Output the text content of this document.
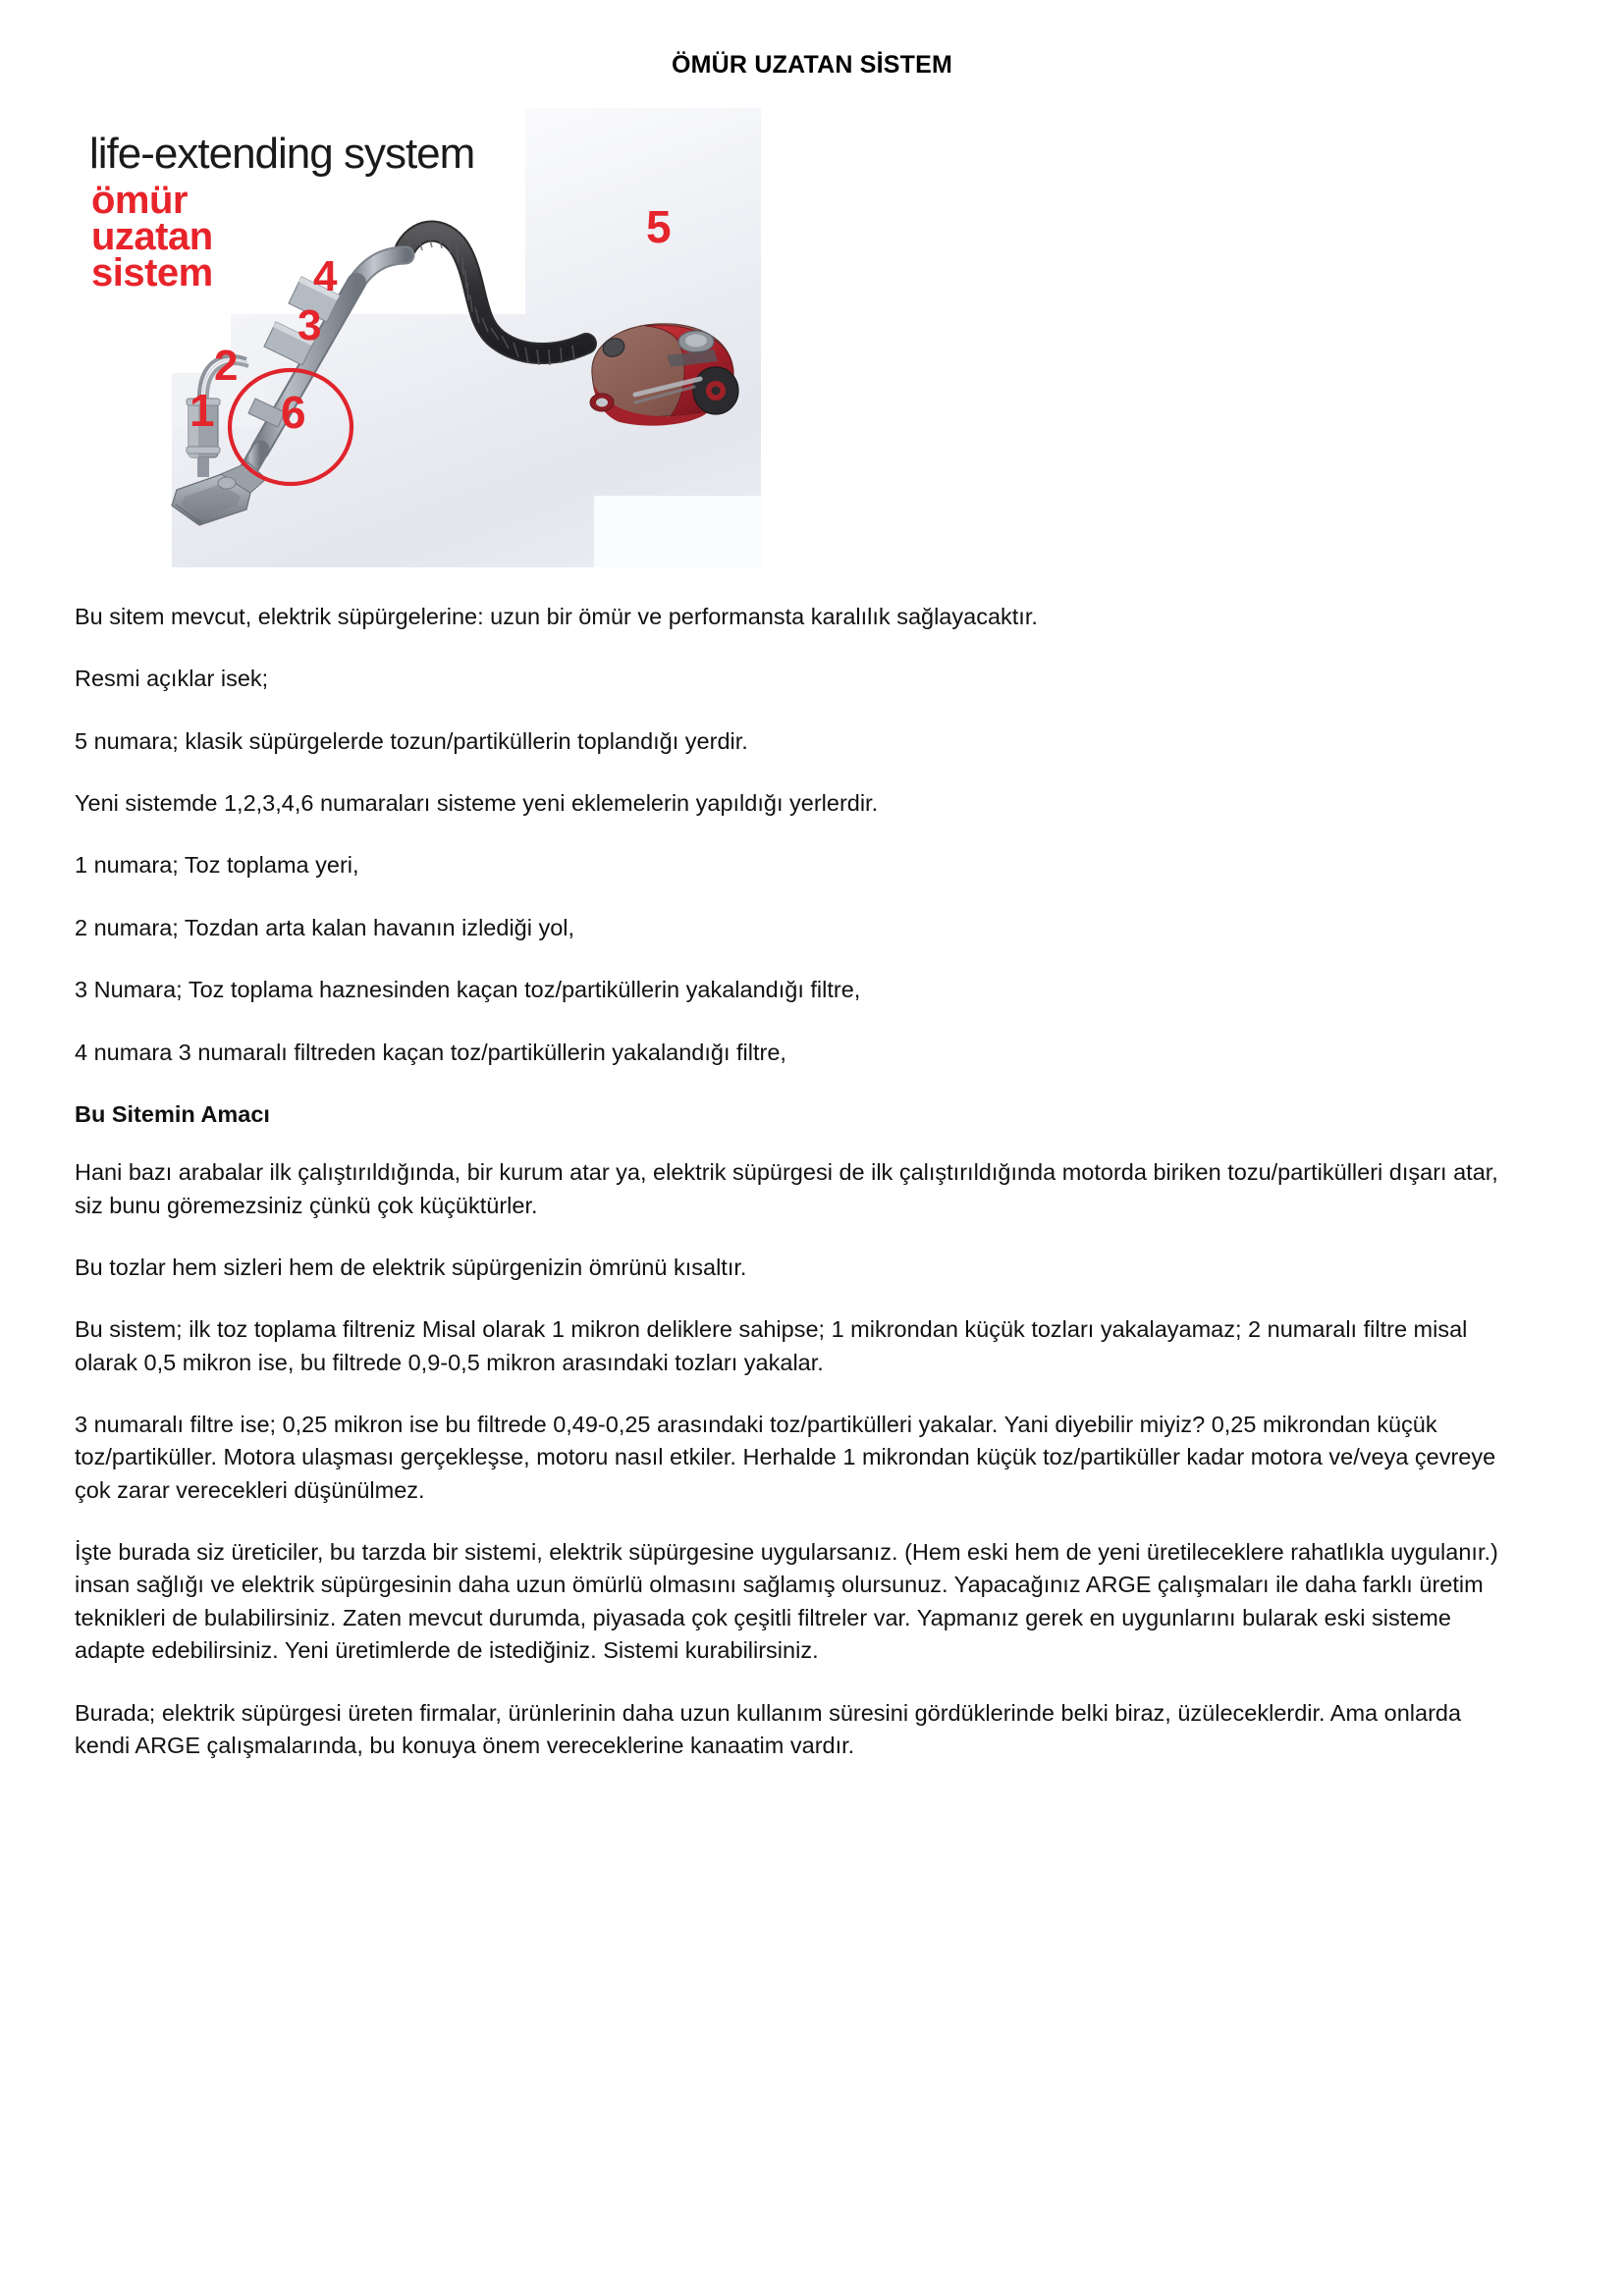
ÖMÜR UZATAN SİSTEM
life-extending system
ömür
uzatan
sistem
1
2
3
4
5
6

Bu sitem mevcut, elektrik süpürgelerine: uzun bir ömür ve performansta karalılık sağlayacaktır.

Resmi açıklar isek;

5 numara; klasik süpürgelerde tozun/partiküllerin toplandığı yerdir.

Yeni sistemde 1,2,3,4,6 numaraları sisteme yeni eklemelerin yapıldığı yerlerdir.

1 numara; Toz toplama yeri,

2 numara; Tozdan arta kalan havanın izlediği yol,

3 Numara; Toz toplama haznesinden kaçan toz/partiküllerin yakalandığı filtre,

4 numara 3 numaralı filtreden kaçan toz/partiküllerin yakalandığı filtre,

Bu Sitemin Amacı

Hani bazı arabalar ilk çalıştırıldığında, bir kurum atar ya, elektrik süpürgesi de ilk çalıştırıldığında motorda biriken tozu/partikülleri dışarı atar, siz bunu göremezsiniz çünkü çok küçüktürler.

Bu tozlar hem sizleri hem de elektrik süpürgenizin ömrünü kısaltır.

Bu sistem; ilk toz toplama filtreniz Misal olarak 1 mikron deliklere sahipse; 1 mikrondan küçük tozları yakalayamaz; 2 numaralı filtre misal olarak 0,5 mikron ise, bu filtrede 0,9-0,5 mikron arasındaki tozları yakalar.

3 numaralı filtre ise; 0,25 mikron ise bu filtrede 0,49-0,25 arasındaki toz/partikülleri yakalar. Yani diyebilir miyiz? 0,25 mikrondan küçük toz/partiküller. Motora ulaşması gerçekleşse, motoru nasıl etkiler. Herhalde 1 mikrondan küçük toz/partiküller kadar motora ve/veya çevreye çok zarar verecekleri düşünülmez.

İşte burada siz üreticiler, bu tarzda bir sistemi, elektrik süpürgesine uygularsanız. (Hem eski hem de yeni üretileceklere rahatlıkla uygulanır.) insan sağlığı ve elektrik süpürgesinin daha uzun ömürlü olmasını sağlamış olursunuz. Yapacağınız ARGE çalışmaları ile daha farklı üretim teknikleri de bulabilirsiniz. Zaten mevcut durumda, piyasada çok çeşitli filtreler var. Yapmanız gerek en uygunlarını bularak eski sisteme adapte edebilirsiniz. Yeni üretimlerde de istediğiniz. Sistemi kurabilirsiniz.

Burada; elektrik süpürgesi üreten firmalar, ürünlerinin daha uzun kullanım süresini gördüklerinde belki biraz, üzüleceklerdir. Ama onlarda kendi ARGE çalışmalarında, bu konuya önem vereceklerine kanaatim vardır.
